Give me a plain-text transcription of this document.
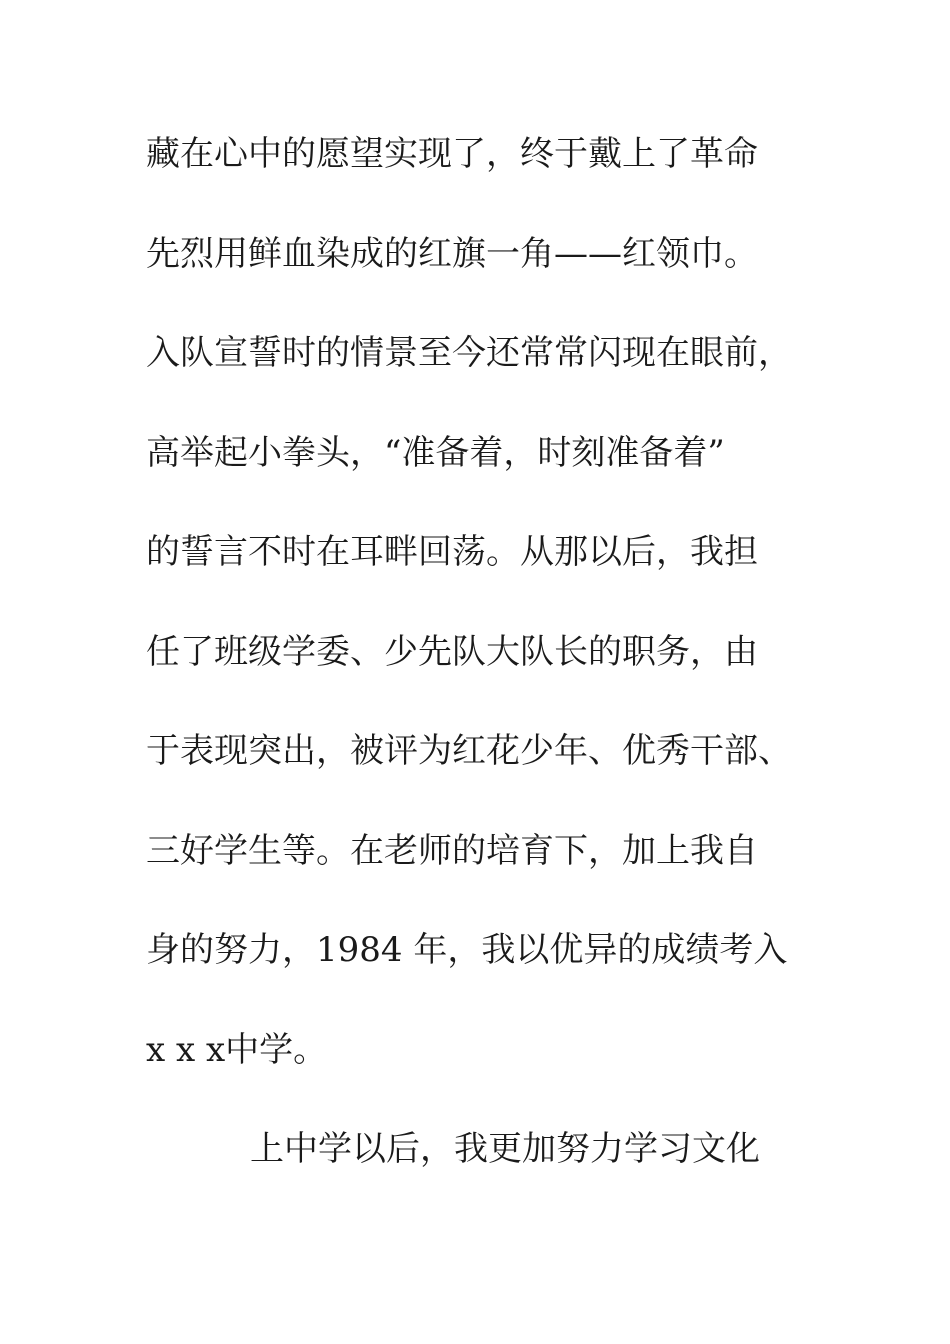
藏在心中的愿望实现了，终于戴上了革命
先烈用鲜血染成的红旗一角——红领巾。
入队宣誓时的情景至今还常常闪现在眼前，
高举起小拳头，“准备着，时刻准备着”
的誓言不时在耳畔回荡。从那以后，我担
任了班级学委、少先队大队长的职务，由
于表现突出，被评为红花少年、优秀干部、
三好学生等。在老师的培育下，加上我自
身的努力，1984 年，我以优异的成绩考入
x x x中学。
上中学以后，我更加努力学习文化
